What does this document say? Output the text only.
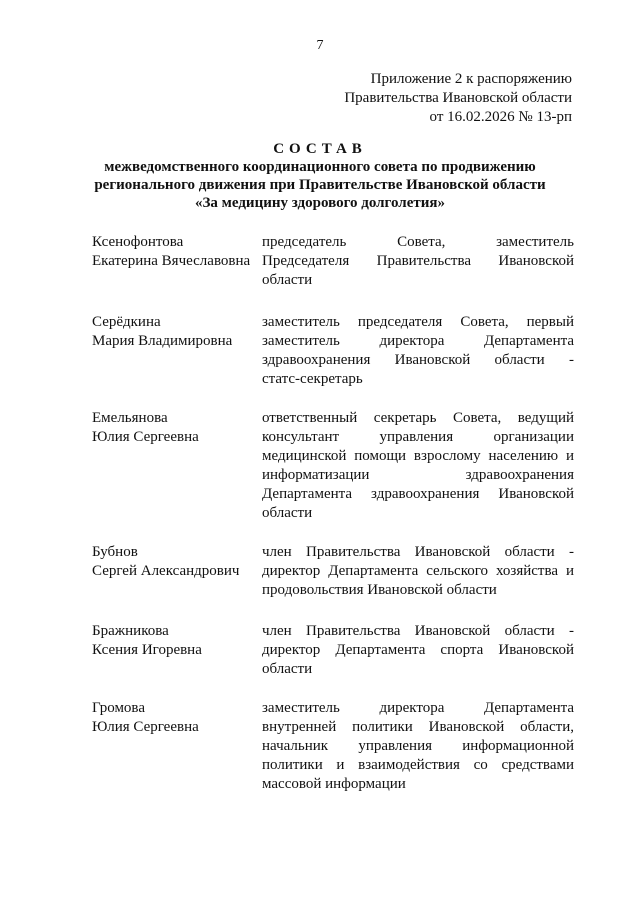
7
Приложение 2 к распоряжению
Правительства Ивановской области
от 16.02.2026 № 13-рп
СОСТАВ
межведомственного координационного совета по продвижению
регионального движения при Правительстве Ивановской области
«За медицину здорового долголетия»
Ксенофонтова
Екатерина Вячеславовна
председатель Совета, заместитель
Председателя Правительства Ивановской
области
Серёдкина
Мария Владимировна
заместитель председателя Совета, первый
заместитель директора Департамента
здравоохранения Ивановской области -
статс-секретарь
Емельянова
Юлия Сергеевна
ответственный секретарь Совета, ведущий
консультант управления организации
медицинской помощи взрослому населению и
информатизации здравоохранения
Департамента здравоохранения Ивановской
области
Бубнов
Сергей Александрович
член Правительства Ивановской области -
директор Департамента сельского хозяйства и
продовольствия Ивановской области
Бражникова
Ксения Игоревна
член Правительства Ивановской области -
директор Департамента спорта Ивановской
области
Громова
Юлия Сергеевна
заместитель директора Департамента
внутренней политики Ивановской области,
начальник управления информационной
политики и взаимодействия со средствами
массовой информации
